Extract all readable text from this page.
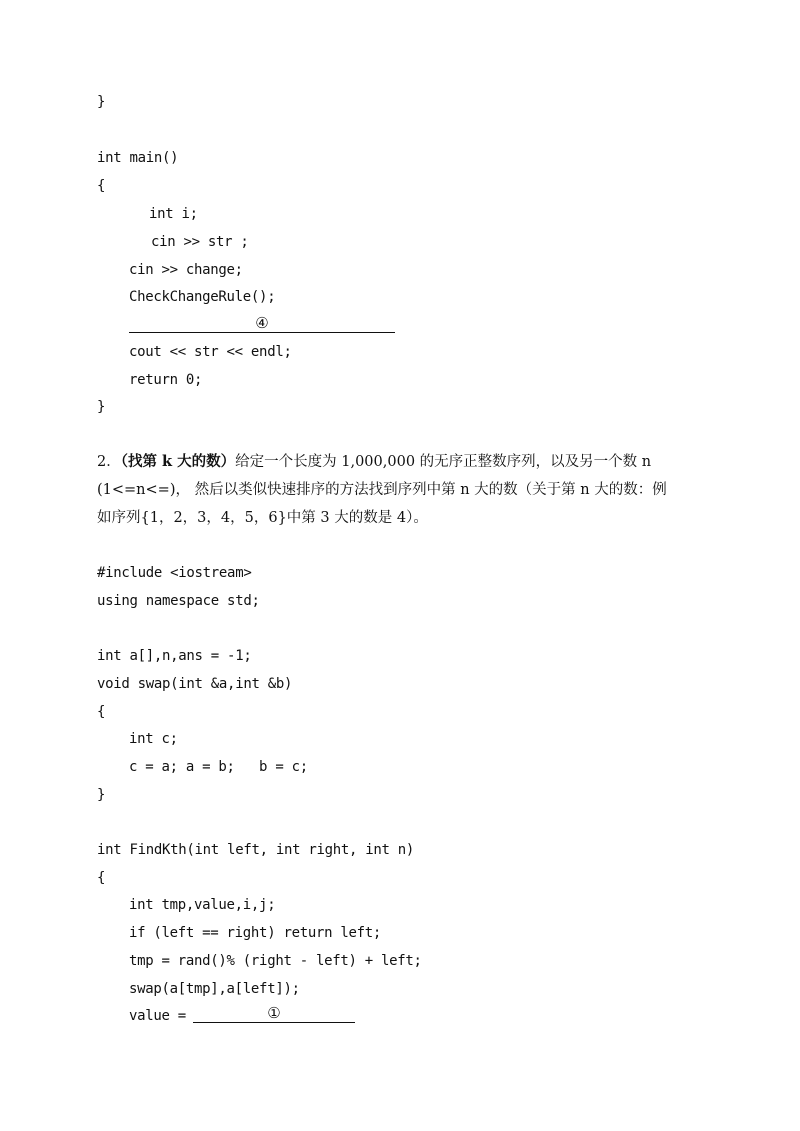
}
int main()
{
int i;
cin >> str ;
cin >> change;
CheckChangeRule();
④
cout << str << endl;
return 0;
}
2．（找第 k 大的数）给定一个长度为 1,000,000 的无序正整数序列，以及另一个数 n
(1<=n<=)， 然后以类似快速排序的方法找到序列中第 n 大的数（关于第 n 大的数：例
如序列{1，2，3，4，5，6}中第 3 大的数是 4）。
#include <iostream>
using namespace std;
int a[],n,ans = -1;
void swap(int &a,int &b)
{
int c;
c = a; a = b;   b = c;
}
int FindKth(int left, int right, int n)
{
int tmp,value,i,j;
if (left == right) return left;
tmp = rand()% (right - left) + left;
swap(a[tmp],a[left]);
value =	①
